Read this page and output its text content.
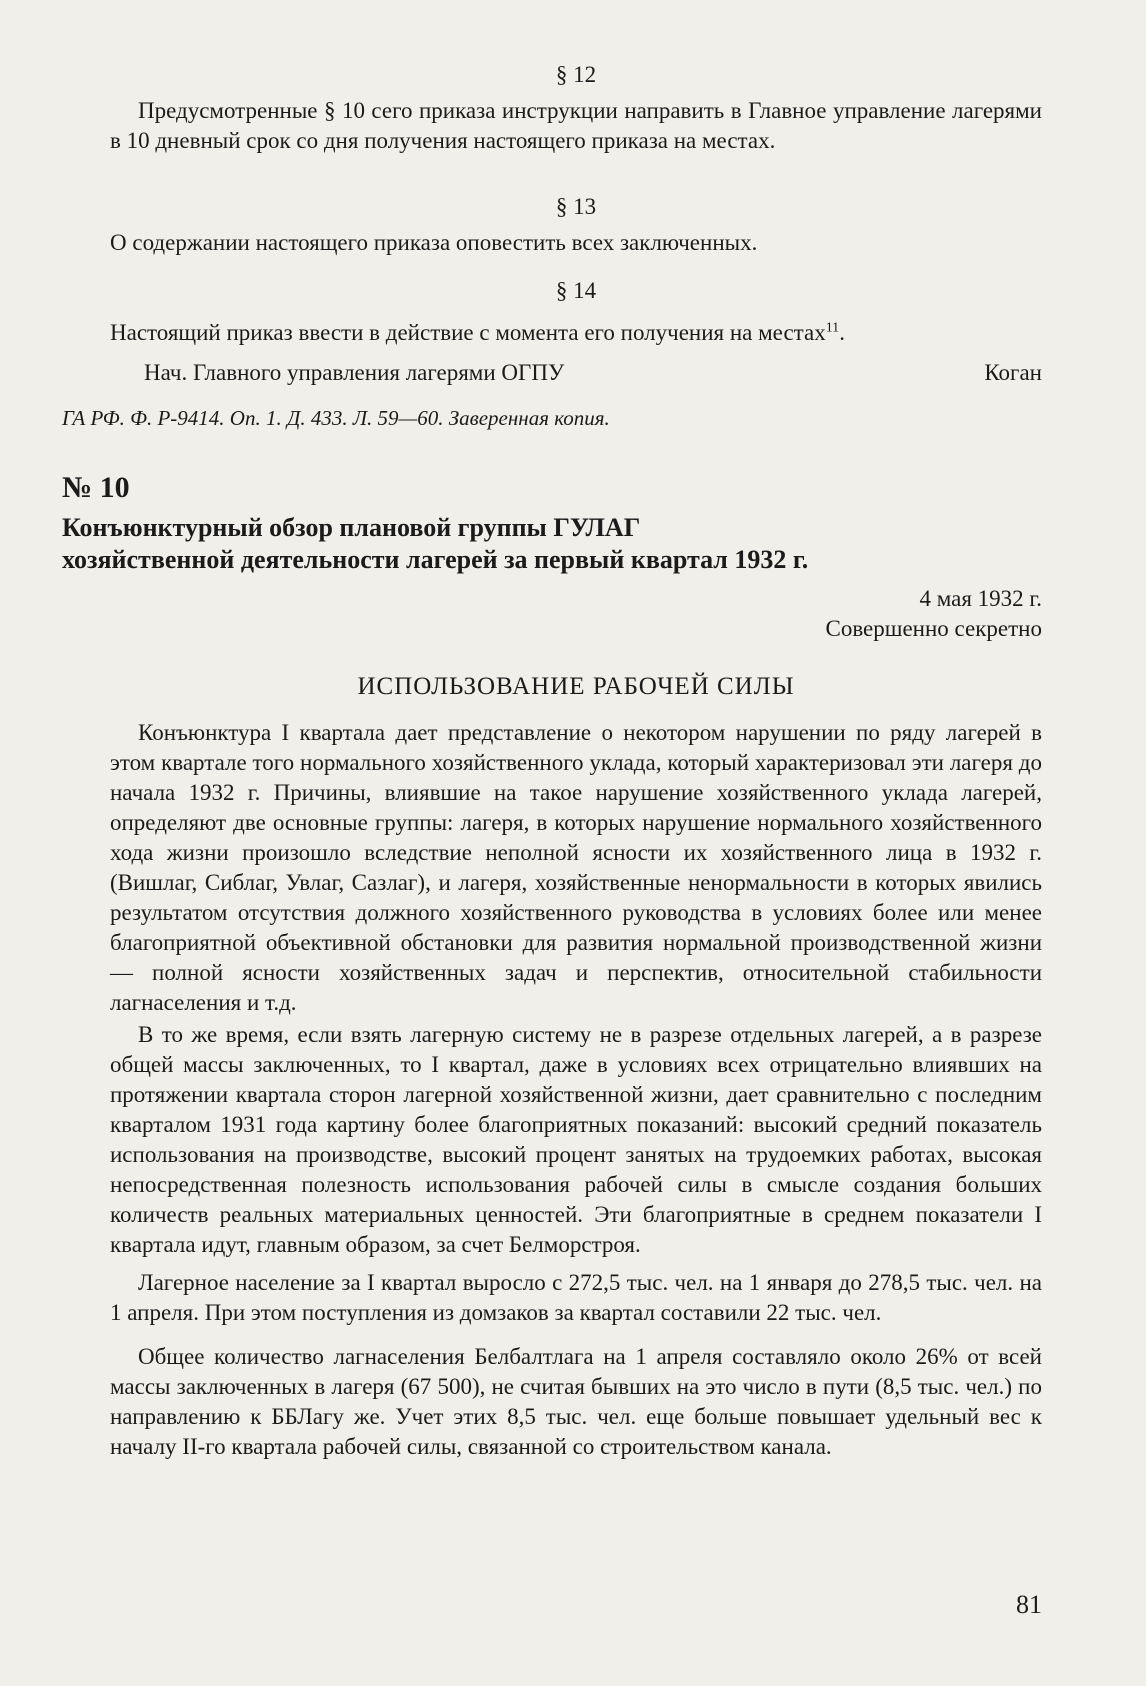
§ 12

Предусмотренные § 10 сего приказа инструкции направить в Главное управление лагерями в 10 дневный срок со дня получения настоящего приказа на местах.

§ 13

О содержании настоящего приказа оповестить всех заключенных.

§ 14

Настоящий приказ ввести в действие с момента его получения на местах$^{11}$.

Нач. Главного управления лагерями ОГПУ	Коган

ГА РФ. Ф. Р-9414. Оп. 1. Д. 433. Л. 59—60. Заверенная копия.

№ 10

Конъюнктурный обзор плановой группы ГУЛАГ

хозяйственной деятельности лагерей за первый квартал 1932 г.

4 мая 1932 г.

Совершенно секретно

ИСПОЛЬЗОВАНИЕ РАБОЧЕЙ СИЛЫ

Конъюнктура I квартала дает представление о некотором нарушении по ряду лагерей в этом квартале того нормального хозяйственного уклада, который характеризовал эти лагеря до начала 1932 г. Причины, влиявшие на такое нарушение хозяйственного уклада лагерей, определяют две основные группы: лагеря, в которых нарушение нормального хозяйственного хода жизни произошло вследствие неполной ясности их хозяйственного лица в 1932 г. (Вишлаг, Сиблаг, Увлаг, Сазлаг), и лагеря, хозяйственные ненормальности в которых явились результатом отсутствия должного хозяйственного руководства в условиях более или менее благоприятной объективной обстановки для развития нормальной производственной жизни — полной ясности хозяйственных задач и перспектив, относительной стабильности лагнаселения и т.д.

В то же время, если взять лагерную систему не в разрезе отдельных лагерей, а в разрезе общей массы заключенных, то I квартал, даже в условиях всех отрицательно влиявших на протяжении квартала сторон лагерной хозяйственной жизни, дает сравнительно с последним кварталом 1931 года картину более благоприятных показаний: высокий средний показатель использования на производстве, высокий процент занятых на трудоемких работах, высокая непосредственная полезность использования рабочей силы в смысле создания больших количеств реальных материальных ценностей. Эти благоприятные в среднем показатели I квартала идут, главным образом, за счет Белморстроя.

Лагерное население за I квартал выросло с 272,5 тыс. чел. на 1 января до 278,5 тыс. чел. на 1 апреля. При этом поступления из домзаков за квартал составили 22 тыс. чел.

Общее количество лагнаселения Белбалтлага на 1 апреля составляло около 26% от всей массы заключенных в лагеря (67 500), не считая бывших на это число в пути (8,5 тыс. чел.) по направлению к ББЛагу же. Учет этих 8,5 тыс. чел. еще больше повышает удельный вес к началу II-го квартала рабочей силы, связанной со строительством канала.

81
